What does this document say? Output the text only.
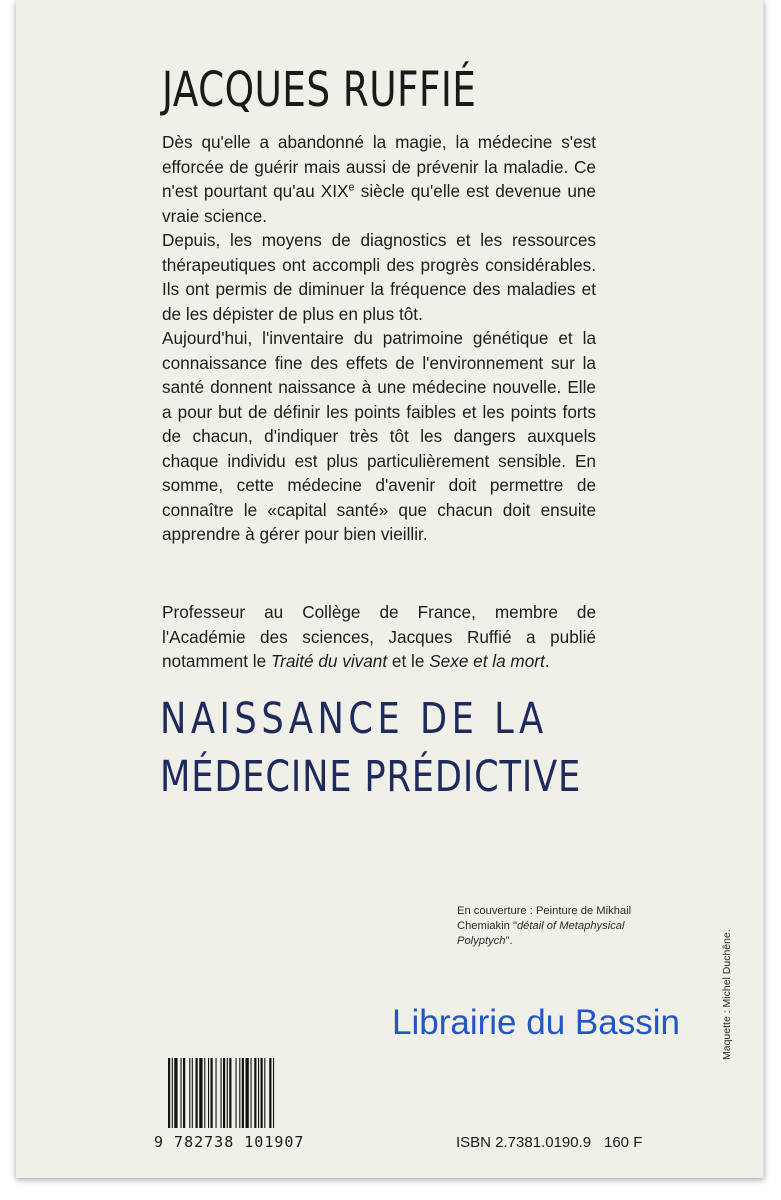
JACQUES RUFFIÉ

Dès qu'elle a abandonné la magie, la médecine s'est efforcée de guérir mais aussi de prévenir la maladie. Ce n'est pourtant qu'au XIXe siècle qu'elle est devenue une vraie science.

Depuis, les moyens de diagnostics et les ressources thérapeutiques ont accompli des progrès considérables. Ils ont permis de diminuer la fréquence des maladies et de les dépister de plus en plus tôt.

Aujourd'hui, l'inventaire du patrimoine génétique et la connaissance fine des effets de l'environnement sur la santé donnent naissance à une médecine nouvelle. Elle a pour but de définir les points faibles et les points forts de chacun, d'indiquer très tôt les dangers auxquels chaque individu est plus particulièrement sensible. En somme, cette médecine d'avenir doit permettre de connaître le «capital santé» que chacun doit ensuite apprendre à gérer pour bien vieillir.

Professeur au Collège de France, membre de l'Académie des sciences, Jacques Ruffié a publié notamment le Traité du vivant et le Sexe et la mort.

NAISSANCE DE LA
MÉDECINE PRÉDICTIVE
En couverture : Peinture de Mikhail Chemiakin "détail of Metaphysical Polyptych".
Librairie du Bassin	Maquette : Michel Duchêne.
9 782738 101907	ISBN 2.7381.0190.9 160 F
